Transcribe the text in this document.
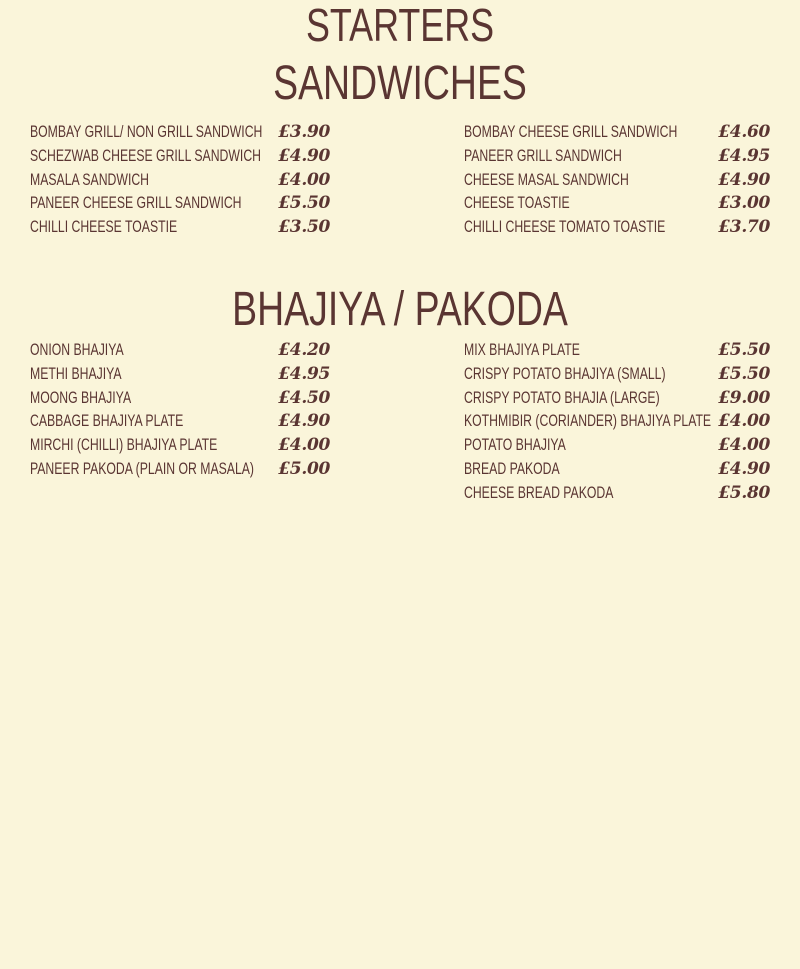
STARTERS
SANDWICHES
BOMBAY GRILL/ NON GRILL SANDWICH £3.90
SCHEZWAB CHEESE GRILL SANDWICH £4.90
MASALA SANDWICH	£4.00
PANEER CHEESE GRILL SANDWICH £5.50
CHILLI CHEESE TOASTIE	£3.50
BOMBAY CHEESE GRILL SANDWICH £4.60
PANEER GRILL SANDWICH	£4.95
CHEESE MASAL SANDWICH	£4.90
CHEESE TOASTIE	£3.00
CHILLI CHEESE TOMATO TOASTIE	£3.70
BHAJIYA / PAKODA
ONION BHAJIYA	£4.20
METHI BHAJIYA	£4.95
MOONG BHAJIYA	£4.50
CABBAGE BHAJIYA PLATE	£4.90
MIRCHI (CHILLI) BHAJIYA PLATE	£4.00
PANEER PAKODA (PLAIN OR MASALA) £5.00
MIX BHAJIYA PLATE	£5.50
CRISPY POTATO BHAJIYA (SMALL)	£5.50
CRISPY POTATO BHAJIA (LARGE)	£9.00
KOTHMIBIR (CORIANDER) BHAJIYA PLATE £4.00
POTATO BHAJIYA	£4.00
BREAD PAKODA	£4.90
CHEESE BREAD PAKODA	£5.80
